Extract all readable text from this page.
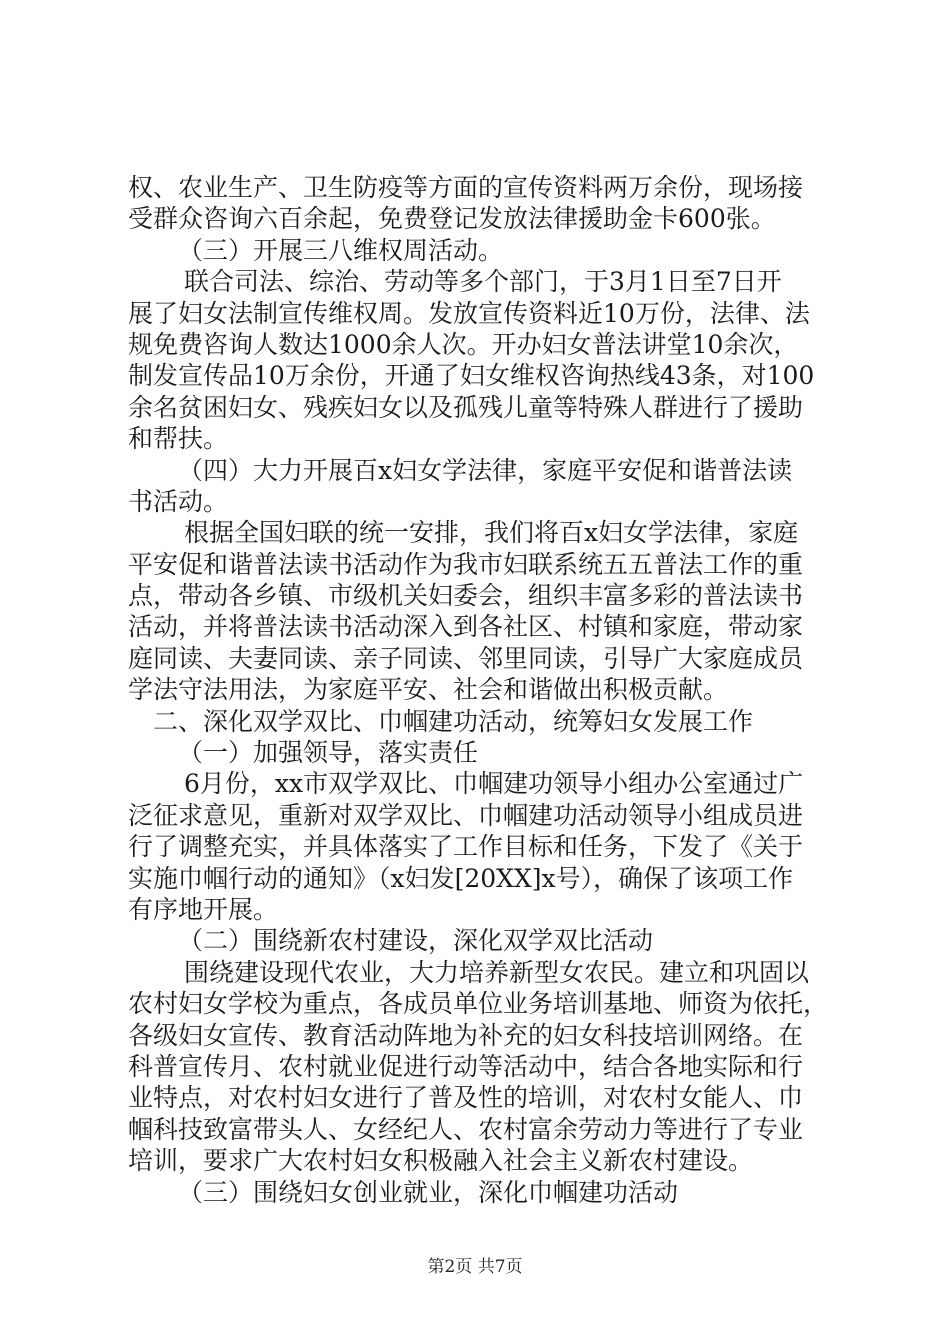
权、农业生产、卫生防疫等方面的宣传资料两万余份，现场接
受群众咨询六百余起，免费登记发放法律援助金卡600张。
（三）开展三八维权周活动。
联合司法、综治、劳动等多个部门，于3月1日至7日开
展了妇女法制宣传维权周。发放宣传资料近10万份，法律、法
规免费咨询人数达1000余人次。开办妇女普法讲堂10余次，
制发宣传品10万余份，开通了妇女维权咨询热线43条，对100
余名贫困妇女、残疾妇女以及孤残儿童等特殊人群进行了援助
和帮扶。
（四）大力开展百x妇女学法律，家庭平安促和谐普法读
书活动。
根据全国妇联的统一安排，我们将百x妇女学法律，家庭
平安促和谐普法读书活动作为我市妇联系统五五普法工作的重
点，带动各乡镇、市级机关妇委会，组织丰富多彩的普法读书
活动，并将普法读书活动深入到各社区、村镇和家庭，带动家
庭同读、夫妻同读、亲子同读、邻里同读，引导广大家庭成员
学法守法用法，为家庭平安、社会和谐做出积极贡献。
二、深化双学双比、巾帼建功活动，统筹妇女发展工作
（一）加强领导，落实责任
6月份，xx市双学双比、巾帼建功领导小组办公室通过广
泛征求意见，重新对双学双比、巾帼建功活动领导小组成员进
行了调整充实，并具体落实了工作目标和任务，下发了《关于
实施巾帼行动的通知》（x妇发[20XX]x号），确保了该项工作
有序地开展。
（二）围绕新农村建设，深化双学双比活动
围绕建设现代农业，大力培养新型女农民。建立和巩固以
农村妇女学校为重点，各成员单位业务培训基地、师资为依托，
各级妇女宣传、教育活动阵地为补充的妇女科技培训网络。在
科普宣传月、农村就业促进行动等活动中，结合各地实际和行
业特点，对农村妇女进行了普及性的培训，对农村女能人、巾
帼科技致富带头人、女经纪人、农村富余劳动力等进行了专业
培训，要求广大农村妇女积极融入社会主义新农村建设。
（三）围绕妇女创业就业，深化巾帼建功活动
第2页 共7页
